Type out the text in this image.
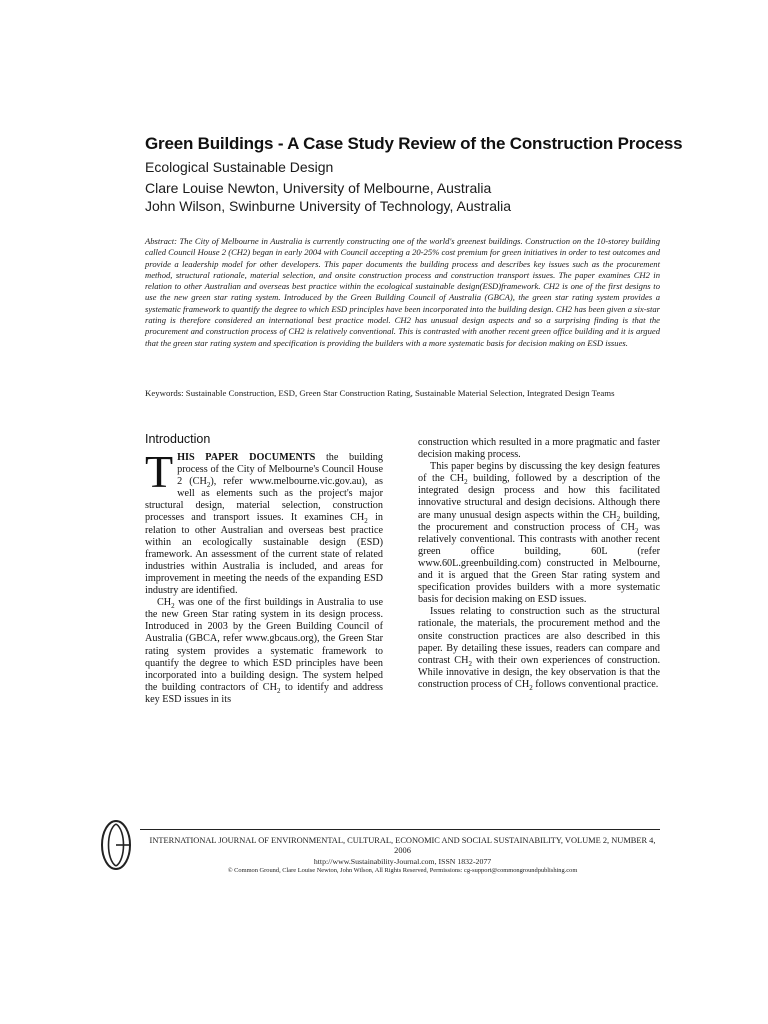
Green Buildings - A Case Study Review of the Construction Process
Ecological Sustainable Design
Clare Louise Newton, University of Melbourne, Australia
John Wilson, Swinburne University of Technology, Australia
Abstract: The City of Melbourne in Australia is currently constructing one of the world's greenest buildings. Construction on the 10-storey building called Council House 2 (CH2) began in early 2004 with Council accepting a 20-25% cost premium for green initiatives in order to test outcomes and provide a leadership model for other developers. This paper documents the building process and describes key issues such as the procurement method, structural rationale, material selection, and onsite construction process and construction transport issues. The paper examines CH2 in relation to other Australian and overseas best practice within the ecological sustainable design(ESD)framework. CH2 is one of the first designs to use the new green star rating system. Introduced by the Green Building Council of Australia (GBCA), the green star rating system provides a systematic framework to quantify the degree to which ESD principles have been incorporated into the building design. CH2 has been given a six-star rating is therefore considered an international best practice model. CH2 has unusual design aspects and so a surprising finding is that the procurement and construction process of CH2 is relatively conventional. This is contrasted with another recent green office building and it is argued that the green star rating system and specification is providing the builders with a more systematic basis for decision making on ESD issues.
Keywords: Sustainable Construction, ESD, Green Star Construction Rating, Sustainable Material Selection, Integrated Design Teams
Introduction

THIS PAPER DOCUMENTS the building process of the City of Melbourne's Council House 2 $(CH_2)$, refer www.melbourne.vic.gov.au), as well as elements such as the project's major structural design, material selection, construction processes and transport issues. It examines $CH_2$ in relation to other Australian and overseas best practice within an ecologically sustainable design (ESD) framework. An assessment of the current state of related industries within Australia is included, and areas for improvement in meeting the needs of the expanding ESD industry are identified.

$CH_2$ was one of the first buildings in Australia to use the new Green Star rating system in its design process. Introduced in 2003 by the Green Building Council of Australia (GBCA, refer www.gbcaus.org), the Green Star rating system provides a systematic framework to quantify the degree to which ESD principles have been incorporated into a building design. The system helped the building contractors of $CH_2$ to identify and address key ESD issues in its

construction which resulted in a more pragmatic and faster decision making process.

This paper begins by discussing the key design features of the $CH_2$ building, followed by a description of the integrated design process and how this facilitated innovative structural and design decisions. Although there are many unusual design aspects within the $CH_2$ building, the procurement and construction process of $CH_2$ was relatively conventional. This contrasts with another recent green office building, 60L (refer www.60L.greenbuilding.com) constructed in Melbourne, and it is argued that the Green Star rating system and specification provides builders with a more systematic basis for decision making on ESD issues.

Issues relating to construction such as the structural rationale, the materials, the procurement method and the onsite construction practices are also described in this paper. By detailing these issues, readers can compare and contrast $CH_2$ with their own experiences of construction. While innovative in design, the key observation is that the construction process of $CH_2$ follows conventional practice.

INTERNATIONAL JOURNAL OF ENVIRONMENTAL, CULTURAL, ECONOMIC AND SOCIAL SUSTAINABILITY, VOLUME 2, NUMBER 4, 2006
http://www.Sustainability-Journal.com, ISSN 1832-2077
© Common Ground, Clare Louise Newton, John Wilson, All Rights Reserved, Permissions: cg-support@commongroundpublishing.com
